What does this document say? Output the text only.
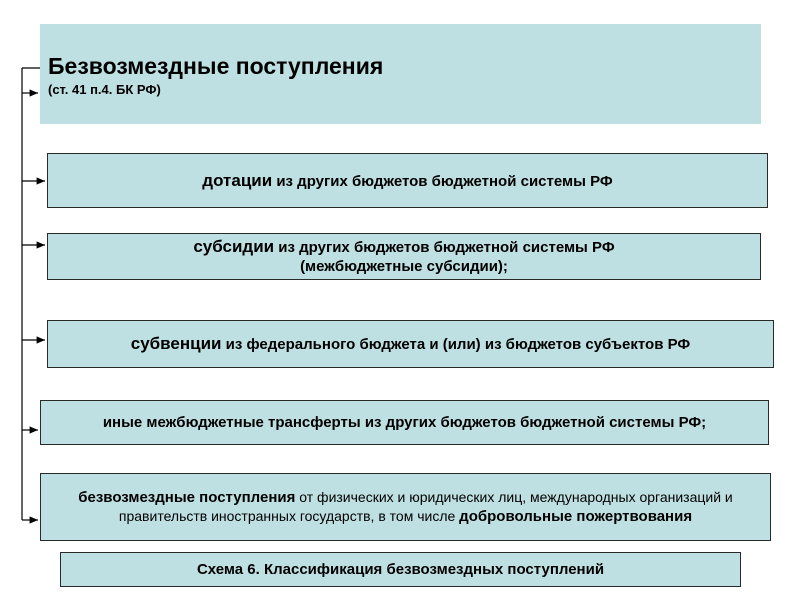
Безвозмездные поступления
(ст. 41 п.4. БК РФ)
дотации из других бюджетов бюджетной системы РФ
субсидии из других бюджетов бюджетной системы РФ
(межбюджетные субсидии);
субвенции из федерального бюджета и (или) из бюджетов субъектов РФ
иные межбюджетные трансферты из других бюджетов бюджетной системы РФ;
безвозмездные поступления от физических и юридических лиц, международных организаций и правительств иностранных государств, в том числе добровольные пожертвования
Схема 6. Классификация безвозмездных поступлений
